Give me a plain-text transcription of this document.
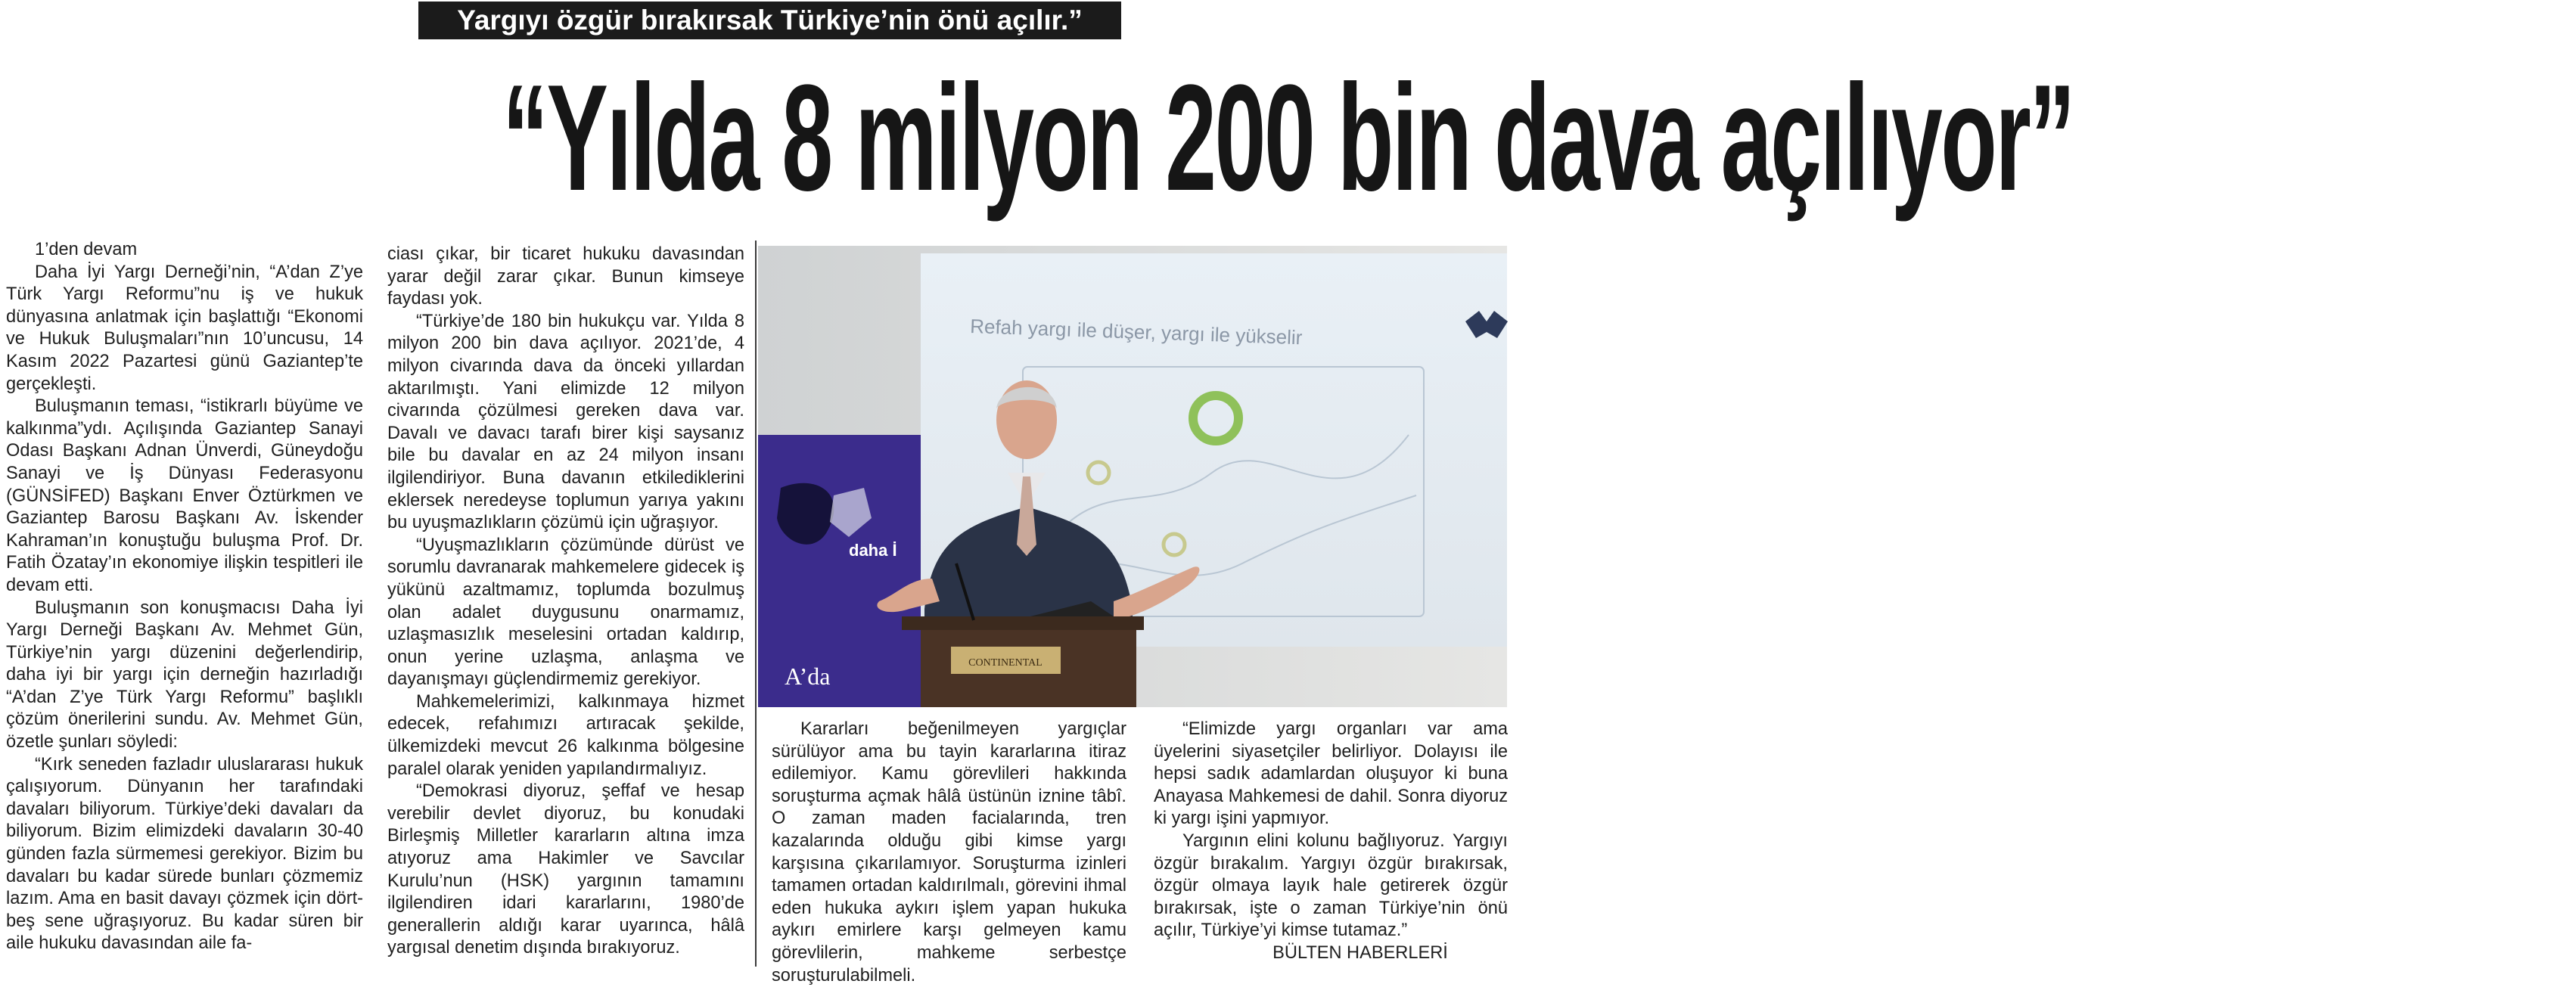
Yargıyı özgür bırakırsak Türkiye’nin önü açılır.”
“Yılda 8 milyon 200 bin dava açılıyor”

1’den devam

Daha İyi Yargı Derneği’nin, “A’dan Z’ye Türk Yargı Reformu”nu iş ve hukuk dünyasına anlatmak için başlattığı “Ekonomi ve Hukuk Buluşmaları”nın 10’uncusu, 14 Kasım 2022 Pazartesi günü Gaziantep’te gerçekleşti.

Buluşmanın teması, “istikrarlı büyüme ve kalkınma”ydı. Açılışında Gaziantep Sanayi Odası Başkanı Adnan Ünverdi, Güneydoğu Sanayi ve İş Dünyası Federasyonu (GÜNSİFED) Başkanı Enver Öztürkmen ve Gaziantep Barosu Başkanı Av. İskender Kahraman’ın konuştuğu buluşma Prof. Dr. Fatih Özatay’ın ekonomiye ilişkin tespitleri ile devam etti.

Buluşmanın son konuşmacısı Daha İyi Yargı Derneği Başkanı Av. Mehmet Gün, Türkiye’nin yargı düzenini değerlendirip, daha iyi bir yargı için derneğin hazırladığı “A’dan Z’ye Türk Yargı Reformu” başlıklı çözüm önerilerini sundu. Av. Mehmet Gün, özetle şunları söyledi:

“Kırk seneden fazladır uluslararası hukuk çalışıyorum. Dünyanın her tarafındaki davaları biliyorum. Türkiye’deki davaları da biliyorum. Bizim elimizdeki davaların 30-40 günden fazla sürmemesi gerekiyor. Bizim bu davaları bu kadar sürede bunları çözmemiz lazım. Ama en basit davayı çözmek için dört-beş sene uğraşıyoruz. Bu kadar süren bir aile hukuku davasından aile fa-

ciası çıkar, bir ticaret hukuku davasından yarar değil zarar çıkar. Bunun kimseye faydası yok.

“Türkiye’de 180 bin hukukçu var. Yılda 8 milyon 200 bin dava açılıyor. 2021’de, 4 milyon civarında dava da önceki yıllardan aktarılmıştı. Yani elimizde 12 milyon civarında çözülmesi gereken dava var. Davalı ve davacı tarafı birer kişi saysanız bile bu davalar en az 24 milyon insanı ilgilendiriyor. Buna davanın etkilediklerini eklersek neredeyse toplumun yarıya yakını bu uyuşmazlıkların çözümü için uğraşıyor.

“Uyuşmazlıkların çözümünde dürüst ve sorumlu davranarak mahkemelere gidecek iş yükünü azaltmamız, toplumda bozulmuş olan adalet duygusunu onarmamız, uzlaşmasızlık meselesini ortadan kaldırıp, onun yerine uzlaşma, anlaşma ve dayanışmayı güçlendirmemiz gerekiyor.

Mahkemelerimizi, kalkınmaya hizmet edecek, refahımızı artıracak şekilde, ülkemizdeki mevcut 26 kalkınma bölgesine paralel olarak yeniden yapılandırmalıyız.

“Demokrasi diyoruz, şeffaf ve hesap verebilir devlet diyoruz, bu konudaki Birleşmiş Milletler kararların altına imza atıyoruz ama Hakimler ve Savcılar Kurulu’nun (HSK) yargının tamamını ilgilendiren idari kararlarını, 1980’de generallerin aldığı karar uyarınca, hâlâ yargısal denetim dışında bırakıyoruz.

Refah yargı ile düşer, yargı ile yükselir
daha İ
A’da	CONTINENTAL

Kararları beğenilmeyen yargıçlar sürülüyor ama bu tayin kararlarına itiraz edilemiyor. Kamu görevlileri hakkında soruşturma açmak hâlâ üstünün iznine tâbî. O zaman maden facialarında, tren kazalarında olduğu gibi kimse yargı karşısına çıkarılamıyor. Soruşturma izinleri tamamen ortadan kaldırılmalı, görevini ihmal eden hukuka aykırı işlem yapan hukuka aykırı emirlere karşı gelmeyen kamu görevlilerin, mahkeme serbestçe soruşturulabilmeli.

“Elimizde yargı organları var ama üyelerini siyasetçiler belirliyor. Dolayısı ile hepsi sadık adamlardan oluşuyor ki buna Anayasa Mahkemesi de dahil. Sonra diyoruz ki yargı işini yapmıyor.

Yargının elini kolunu bağlıyoruz. Yargıyı özgür bırakalım. Yargıyı özgür bırakırsak, özgür olmaya layık hale getirerek özgür bırakırsak, işte o zaman Türkiye’nin önü açılır, Türkiye’yi kimse tutamaz.”

BÜLTEN HABERLERİ
